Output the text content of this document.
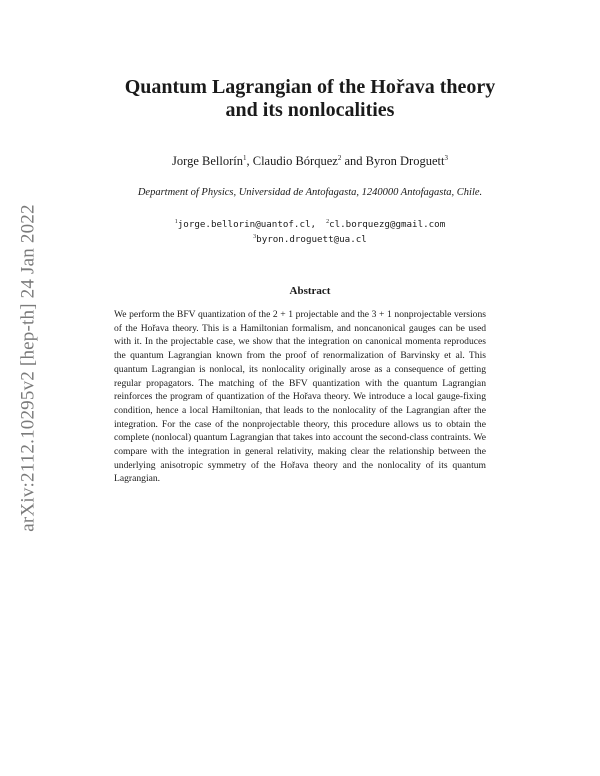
arXiv:2112.10295v2 [hep-th] 24 Jan 2022
Quantum Lagrangian of the Hořava theory
and its nonlocalities
Jorge Bellorín$^1$, Claudio Bórquez$^2$ and Byron Droguett$^3$
Department of Physics, Universidad de Antofagasta, 1240000 Antofagasta, Chile.
$^1$jorge.bellorin@uantof.cl, $^2$cl.borquezg@gmail.com
$^3$byron.droguett@ua.cl
Abstract
We perform the BFV quantization of the 2 + 1 projectable and the 3 + 1 nonprojectable versions of the Hořava theory. This is a Hamiltonian formalism, and noncanonical gauges can be used with it. In the projectable case, we show that the integration on canonical momenta reproduces the quantum Lagrangian known from the proof of renormalization of Barvinsky et al. This quantum Lagrangian is nonlocal, its nonlocality originally arose as a consequence of getting regular propagators. The matching of the BFV quantization with the quantum Lagrangian reinforces the program of quantization of the Hořava theory. We introduce a local gauge-fixing condition, hence a local Hamiltonian, that leads to the nonlocality of the Lagrangian after the integration. For the case of the nonprojectable theory, this procedure allows us to obtain the complete (nonlocal) quantum Lagrangian that takes into account the second-class contraints. We compare with the integration in general relativity, making clear the relationship between the underlying anisotropic symmetry of the Hořava theory and the nonlocality of its quantum Lagrangian.
